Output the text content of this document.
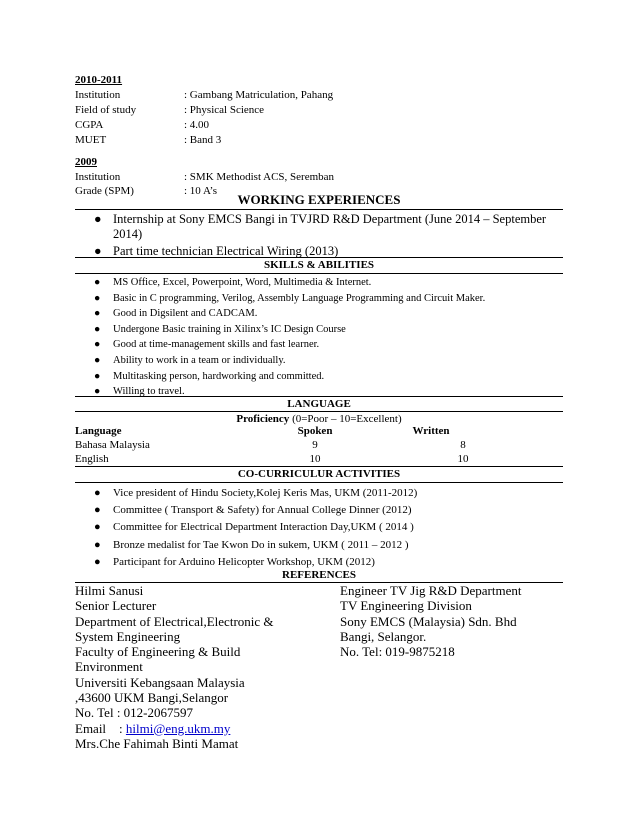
2010-2011
Institution	: Gambang Matriculation, Pahang
Field of study	: Physical Science
CGPA	: 4.00
MUET	: Band 3
2009
Institution	: SMK Methodist ACS, Seremban
Grade (SPM)	: 10 A’s
WORKING EXPERIENCES
● Internship at Sony EMCS Bangi in TVJRD R&D Department (June 2014 – September 2014)
● Part time technician Electrical Wiring (2013)
SKILLS & ABILITIES
● MS Office, Excel, Powerpoint, Word, Multimedia & Internet.
● Basic in C programming, Verilog, Assembly Language Programming and Circuit Maker.
● Good in Digsilent and CADCAM.
● Undergone Basic training in Xilinx’s IC Design Course
● Good at time-management skills and fast learner.
● Ability to work in a team or individually.
● Multitasking person, hardworking and committed.
● Willing to travel.
LANGUAGE
Proficiency (0=Poor – 10=Excellent)
Language	Spoken	Written
Bahasa Malaysia	9	8
English	10	10
CO-CURRICULUR ACTIVITIES
● Vice president of Hindu Society,Kolej Keris Mas, UKM (2011-2012)
● Committee ( Transport & Safety) for Annual College Dinner (2012)
● Committee for Electrical Department Interaction Day,UKM ( 2014 )
● Bronze medalist for Tae Kwon Do in sukem, UKM ( 2011 – 2012 )
● Participant for Arduino Helicopter Workshop, UKM (2012)
REFERENCES
Hilmi Sanusi
Senior Lecturer
Department of Electrical,Electronic &
System Engineering
Faculty of Engineering & Build
Environment
Universiti Kebangsaan Malaysia
,43600 UKM Bangi,Selangor
No. Tel : 012-2067597
Email    : hilmi@eng.ukm.my
Mrs.Che Fahimah Binti Mamat
Engineer TV Jig R&D Department
TV Engineering Division
Sony EMCS (Malaysia) Sdn. Bhd
Bangi, Selangor.
No. Tel: 019-9875218
